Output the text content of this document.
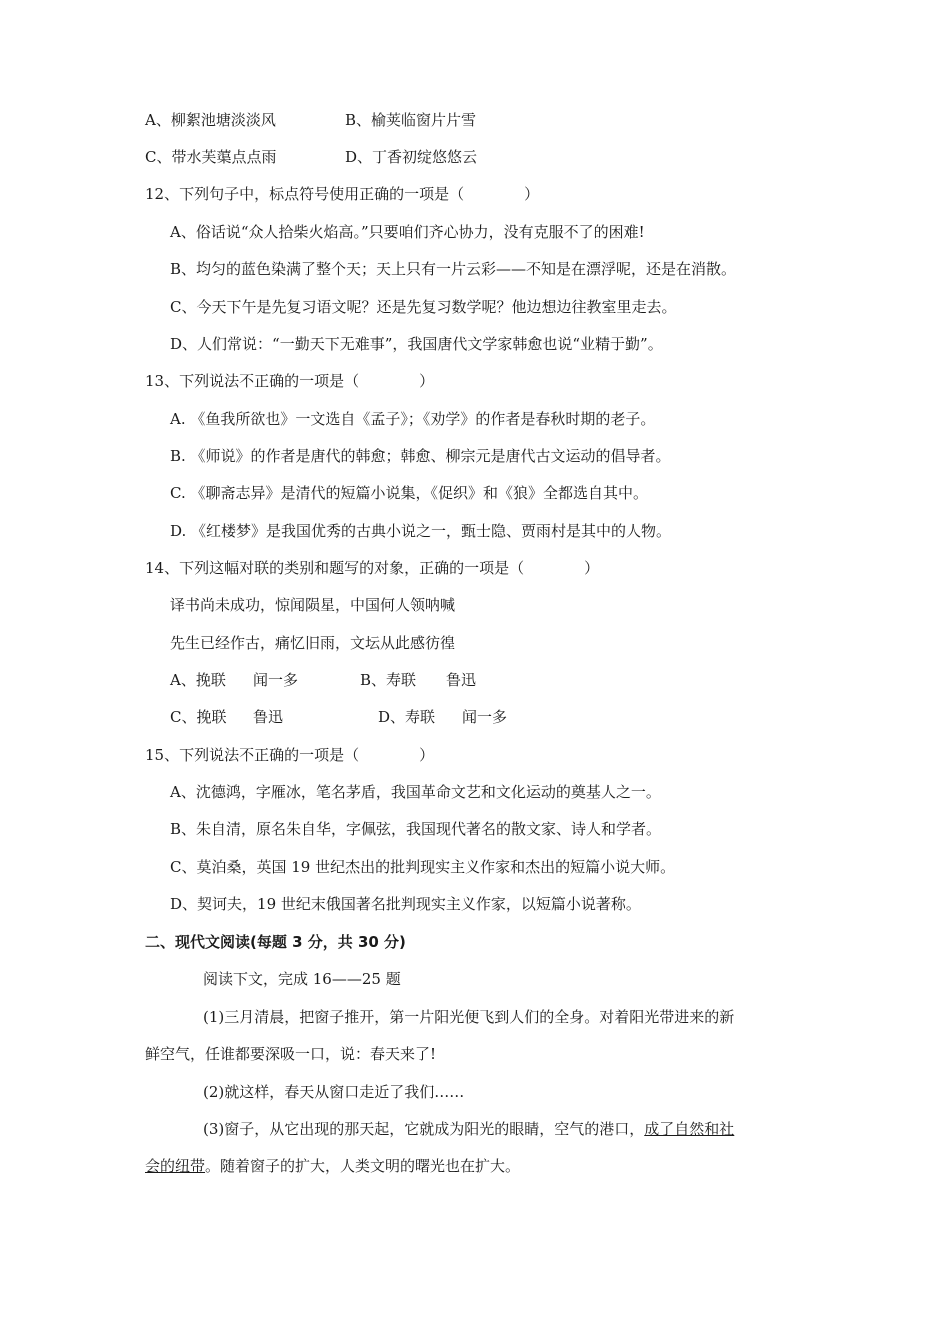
A、柳絮池塘淡淡风	B、榆荚临窗片片雪
C、带水芙蕖点点雨	D、丁香初绽悠悠云
12、下列句子中，标点符号使用正确的一项是（　　　　）
A、俗话说“众人拾柴火焰高。”只要咱们齐心协力，没有克服不了的困难!
B、均匀的蓝色染满了整个天；天上只有一片云彩——不知是在漂浮呢，还是在消散。
C、今天下午是先复习语文呢？还是先复习数学呢？他边想边往教室里走去。
D、人们常说：“一勤天下无难事”，我国唐代文学家韩愈也说“业精于勤”。
13、下列说法不正确的一项是（　　　　）
A. 《鱼我所欲也》一文选自《孟子》；《劝学》的作者是春秋时期的老子。
B. 《师说》的作者是唐代的韩愈；韩愈、柳宗元是唐代古文运动的倡导者。
C. 《聊斋志异》是清代的短篇小说集，《促织》和《狼》全都选自其中。
D. 《红楼梦》是我国优秀的古典小说之一，甄士隐、贾雨村是其中的人物。
14、下列这幅对联的类别和题写的对象，正确的一项是（　　　　）
译书尚未成功，惊闻陨星，中国何人领呐喊
先生已经作古，痛忆旧雨，文坛从此感彷徨
A、挽联 闻一多	B、寿联 鲁迅
C、挽联 鲁迅	D、寿联 闻一多
15、下列说法不正确的一项是（　　　　）
A、沈德鸿，字雁冰，笔名茅盾，我国革命文艺和文化运动的奠基人之一。
B、朱自清，原名朱自华，字佩弦，我国现代著名的散文家、诗人和学者。
C、莫泊桑，英国 19 世纪杰出的批判现实主义作家和杰出的短篇小说大师。
D、契诃夫，19 世纪末俄国著名批判现实主义作家，以短篇小说著称。
二、现代文阅读(每题 3 分，共 30 分)
阅读下文，完成 16——25 题
(1)三月清晨，把窗子推开，第一片阳光便飞到人们的全身。对着阳光带进来的新
鲜空气，任谁都要深吸一口，说：春天来了!
(2)就这样，春天从窗口走近了我们……
(3)窗子，从它出现的那天起，它就成为阳光的眼睛，空气的港口，成了自然和社
会的纽带。随着窗子的扩大，人类文明的曙光也在扩大。
